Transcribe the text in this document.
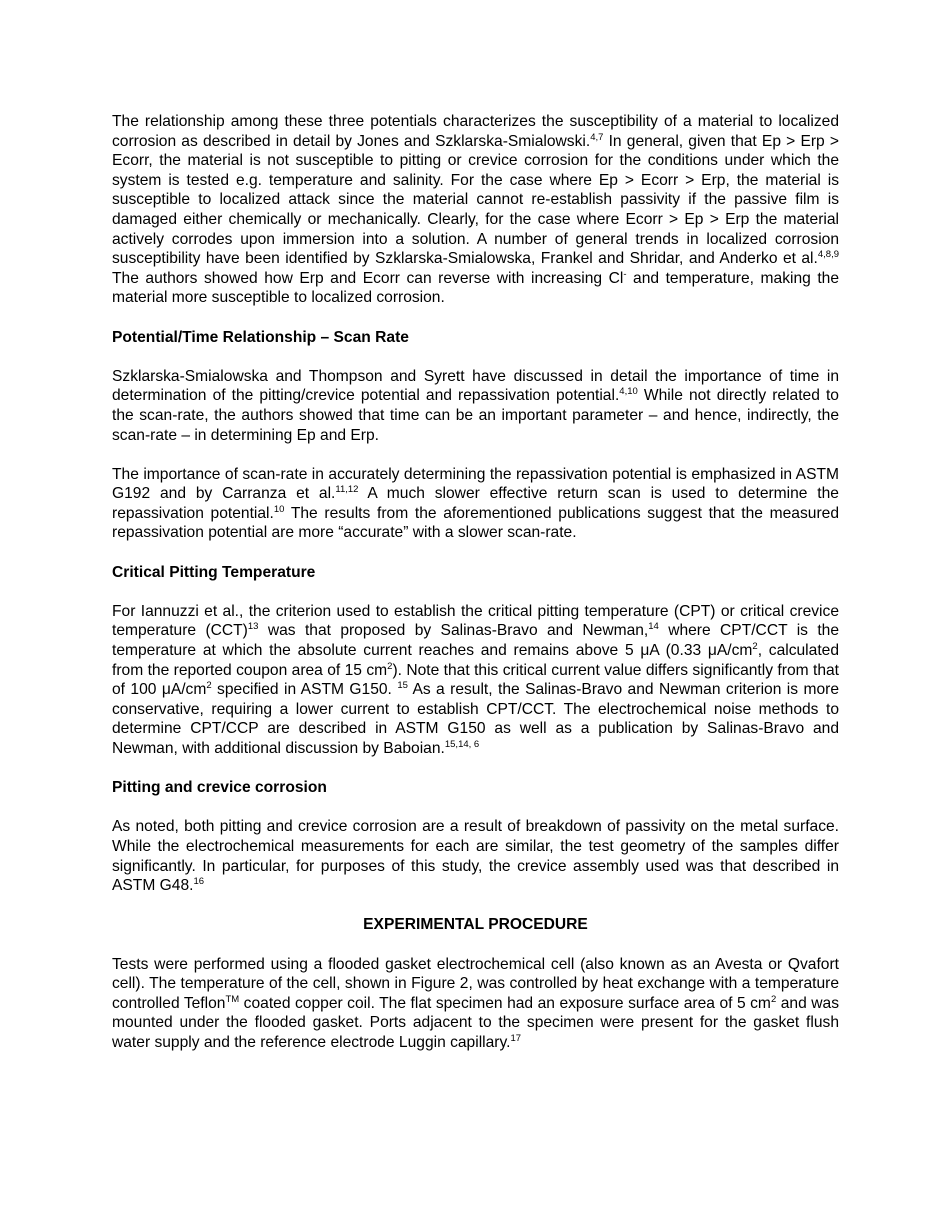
The relationship among these three potentials characterizes the susceptibility of a material to localized corrosion as described in detail by Jones and Szklarska-Smialowski.$^{4,7}$ In general, given that Ep > Erp > Ecorr, the material is not susceptible to pitting or crevice corrosion for the conditions under which the system is tested e.g. temperature and salinity. For the case where Ep > Ecorr > Erp, the material is susceptible to localized attack since the material cannot re-establish passivity if the passive film is damaged either chemically or mechanically. Clearly, for the case where Ecorr > Ep > Erp the material actively corrodes upon immersion into a solution. A number of general trends in localized corrosion susceptibility have been identified by Szklarska-Smialowska, Frankel and Shridar, and Anderko et al.$^{4,8,9}$ The authors showed how Erp and Ecorr can reverse with increasing Cl- and temperature, making the material more susceptible to localized corrosion.

Potential/Time Relationship – Scan Rate

Szklarska-Smialowska and Thompson and Syrett have discussed in detail the importance of time in determination of the pitting/crevice potential and repassivation potential.$^{4,10}$ While not directly related to the scan-rate, the authors showed that time can be an important parameter – and hence, indirectly, the scan-rate – in determining Ep and Erp.

The importance of scan-rate in accurately determining the repassivation potential is emphasized in ASTM G192 and by Carranza et al.$^{11,12}$ A much slower effective return scan is used to determine the repassivation potential.$^{10}$ The results from the aforementioned publications suggest that the measured repassivation potential are more “accurate” with a slower scan-rate.

Critical Pitting Temperature

For Iannuzzi et al., the criterion used to establish the critical pitting temperature (CPT) or critical crevice temperature (CCT)$^{13}$ was that proposed by Salinas-Bravo and Newman,$^{14}$ where CPT/CCT is the temperature at which the absolute current reaches and remains above 5 μA (0.33 $\mu A/cm^2$, calculated from the reported coupon area of 15 $cm^2$). Note that this critical current value differs significantly from that of 100 $\mu A/cm^2$ specified in ASTM G150. $^{15}$ As a result, the Salinas-Bravo and Newman criterion is more conservative, requiring a lower current to establish CPT/CCT. The electrochemical noise methods to determine CPT/CCP are described in ASTM G150 as well as a publication by Salinas-Bravo and Newman, with additional discussion by Baboian.$^{15,14, 6}$

Pitting and crevice corrosion

As noted, both pitting and crevice corrosion are a result of breakdown of passivity on the metal surface. While the electrochemical measurements for each are similar, the test geometry of the samples differ significantly. In particular, for purposes of this study, the crevice assembly used was that described in ASTM G48.16

EXPERIMENTAL PROCEDURE

Tests were performed using a flooded gasket electrochemical cell (also known as an Avesta or Qvafort cell). The temperature of the cell, shown in Figure 2, was controlled by heat exchange with a temperature controlled Teflon™ coated copper coil. The flat specimen had an exposure surface area of 5 $cm^2$ and was mounted under the flooded gasket. Ports adjacent to the specimen were present for the gasket flush water supply and the reference electrode Luggin capillary.$^{17}$
